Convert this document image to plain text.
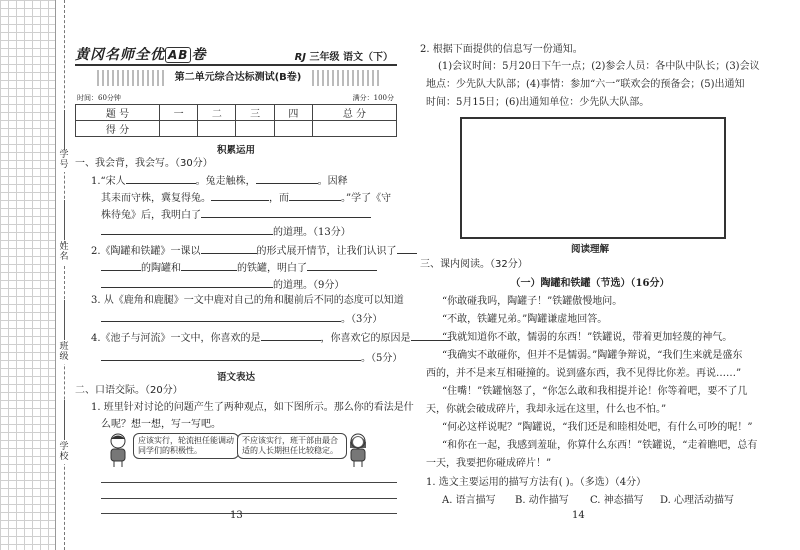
学号
姓名
班级
学校
黄冈名师全优 AB 卷	RJ 三年级 语文（下）
第二单元综合达标测试(B卷)
时间：60分钟	满分：100分
题 号	一	二	三	四	总 分
得 分					
积累运用
一、我会背，我会写。（30分）
1.“宋人	。兔走触株，	。因释
其耒而守株，冀复得兔。	，而	。”学了《守
株待兔》后，我明白了
的道理。（13分）
2.《陶罐和铁罐》一课以	的形式展开情节，让我们认识了
的陶罐和	的铁罐，明白了
的道理。（9分）
3. 从《鹿角和鹿腿》一文中鹿对自己的角和腿前后不同的态度可以知道
。（3分）
4.《池子与河流》一文中，你喜欢的是	，你喜欢它的原因是
。（5分）
语文表达
二、口语交际。（20分）
1. 班里针对讨论的问题产生了两种观点，如下图所示。那么你的看法是什
么呢？想一想，写一写吧。
应该实行，轮流担任能调动同学们的积极性。
不应该实行，班干部由最合适的人长期担任比较稳定。
13
2. 根据下面提供的信息写一份通知。
(1)会议时间：5月20日下午一点；(2)参会人员：各中队中队长；(3)会议
地点：少先队大队部；(4)事情：参加“六一”联欢会的预备会；(5)出通知
时间：5月15日；(6)出通知单位：少先队大队部。
阅读理解
三、课内阅读。（32分）
（一）陶罐和铁罐（节选）（16分）
“你敢碰我吗，陶罐子！”铁罐傲慢地问。
“不敢，铁罐兄弟。”陶罐谦虚地回答。
“我就知道你不敢，懦弱的东西！”铁罐说，带着更加轻蔑的神气。
“我确实不敢碰你，但并不是懦弱。”陶罐争辩说，“我们生来就是盛东
西的，并不是来互相碰撞的。说到盛东西，我不见得比你差。再说……”
“住嘴！”铁罐恼怒了，“你怎么敢和我相提并论！你等着吧，要不了几
天，你就会破成碎片，我却永远在这里，什么也不怕。”
“何必这样说呢？”陶罐说，“我们还是和睦相处吧，有什么可吵的呢！”
“和你在一起，我感到羞耻，你算什么东西！”铁罐说，“走着瞧吧，总有
一天，我要把你碰成碎片！”
1. 选文主要运用的描写方法有( )。（多选）（4分）
A. 语言描写 B. 动作描写 C. 神态描写 D. 心理活动描写
14
